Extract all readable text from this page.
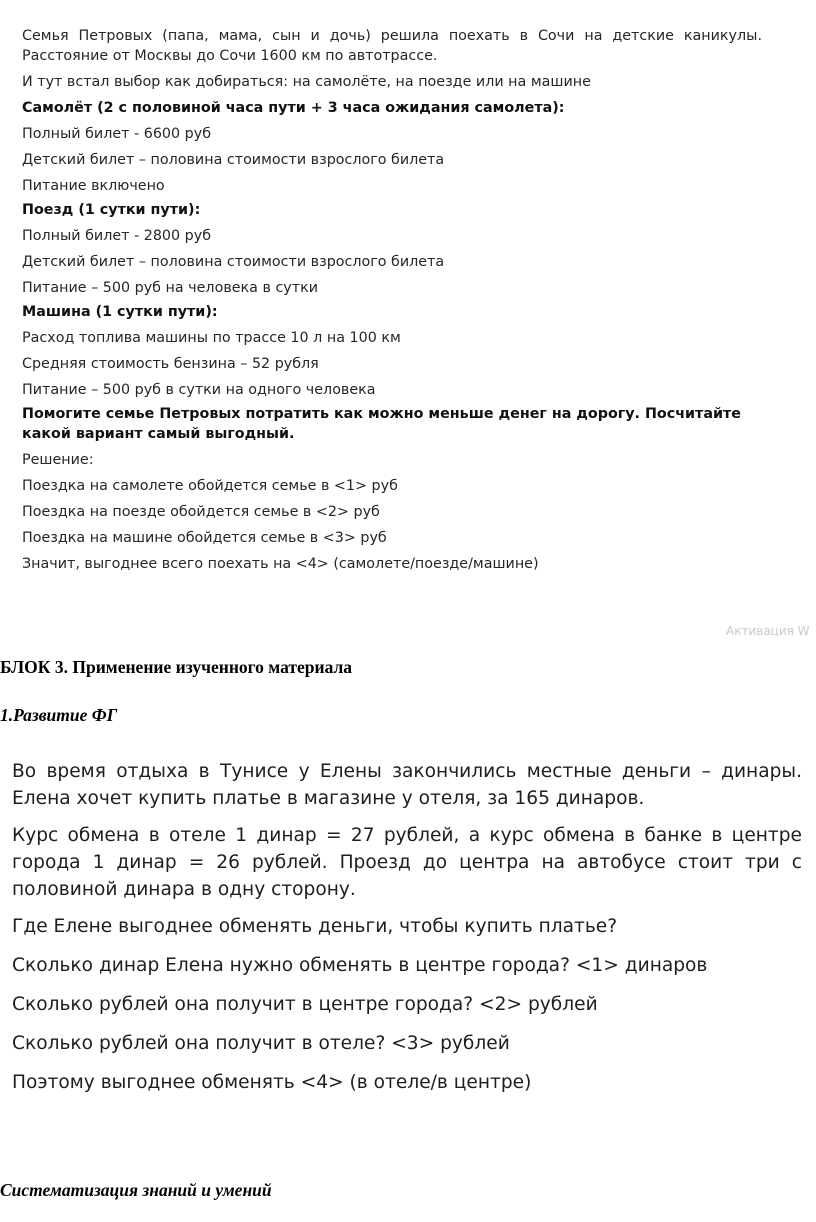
Семья Петровых (папа, мама, сын и дочь) решила поехать в Сочи на детские каникулы. Расстояние от Москвы до Сочи 1600 км по автотрассе.

И тут встал выбор как добираться: на самолёте, на поезде или на машине

Самолёт (2 с половиной часа пути + 3 часа ожидания самолета):

Полный билет - 6600 руб

Детский билет – половина стоимости взрослого билета

Питание включено

Поезд (1 сутки пути):

Полный билет - 2800 руб

Детский билет – половина стоимости взрослого билета

Питание – 500 руб на человека в сутки

Машина (1 сутки пути):

Расход топлива машины по трассе 10 л на 100 км

Средняя стоимость бензина – 52 рубля

Питание – 500 руб в сутки на одного человека

Помогите семье Петровых потратить как можно меньше денег на дорогу. Посчитайте какой вариант самый выгодный.

Решение:

Поездка на самолете обойдется семье в <1> руб

Поездка на поезде обойдется семье в <2> руб

Поездка на машине обойдется семье в <3> руб

Значит, выгоднее всего поехать на <4> (самолете/поезде/машине)

Активация W
БЛОК 3. Применение изученного материала
1.Развитие ФГ

Во время отдыха в Тунисе у Елены закончились местные деньги – динары. Елена хочет купить платье в магазине у отеля, за 165 динаров.

Курс обмена в отеле 1 динар = 27 рублей, а курс обмена в банке в центре города 1 динар = 26 рублей. Проезд до центра на автобусе стоит три с половиной динара в одну сторону.

Где Елене выгоднее обменять деньги, чтобы купить платье?

Сколько динар Елена нужно обменять в центре города? <1> динаров

Сколько рублей она получит в центре города? <2> рублей

Сколько рублей она получит в отеле? <3> рублей

Поэтому выгоднее обменять <4> (в отеле/в центре)

Систематизация знаний и умений
